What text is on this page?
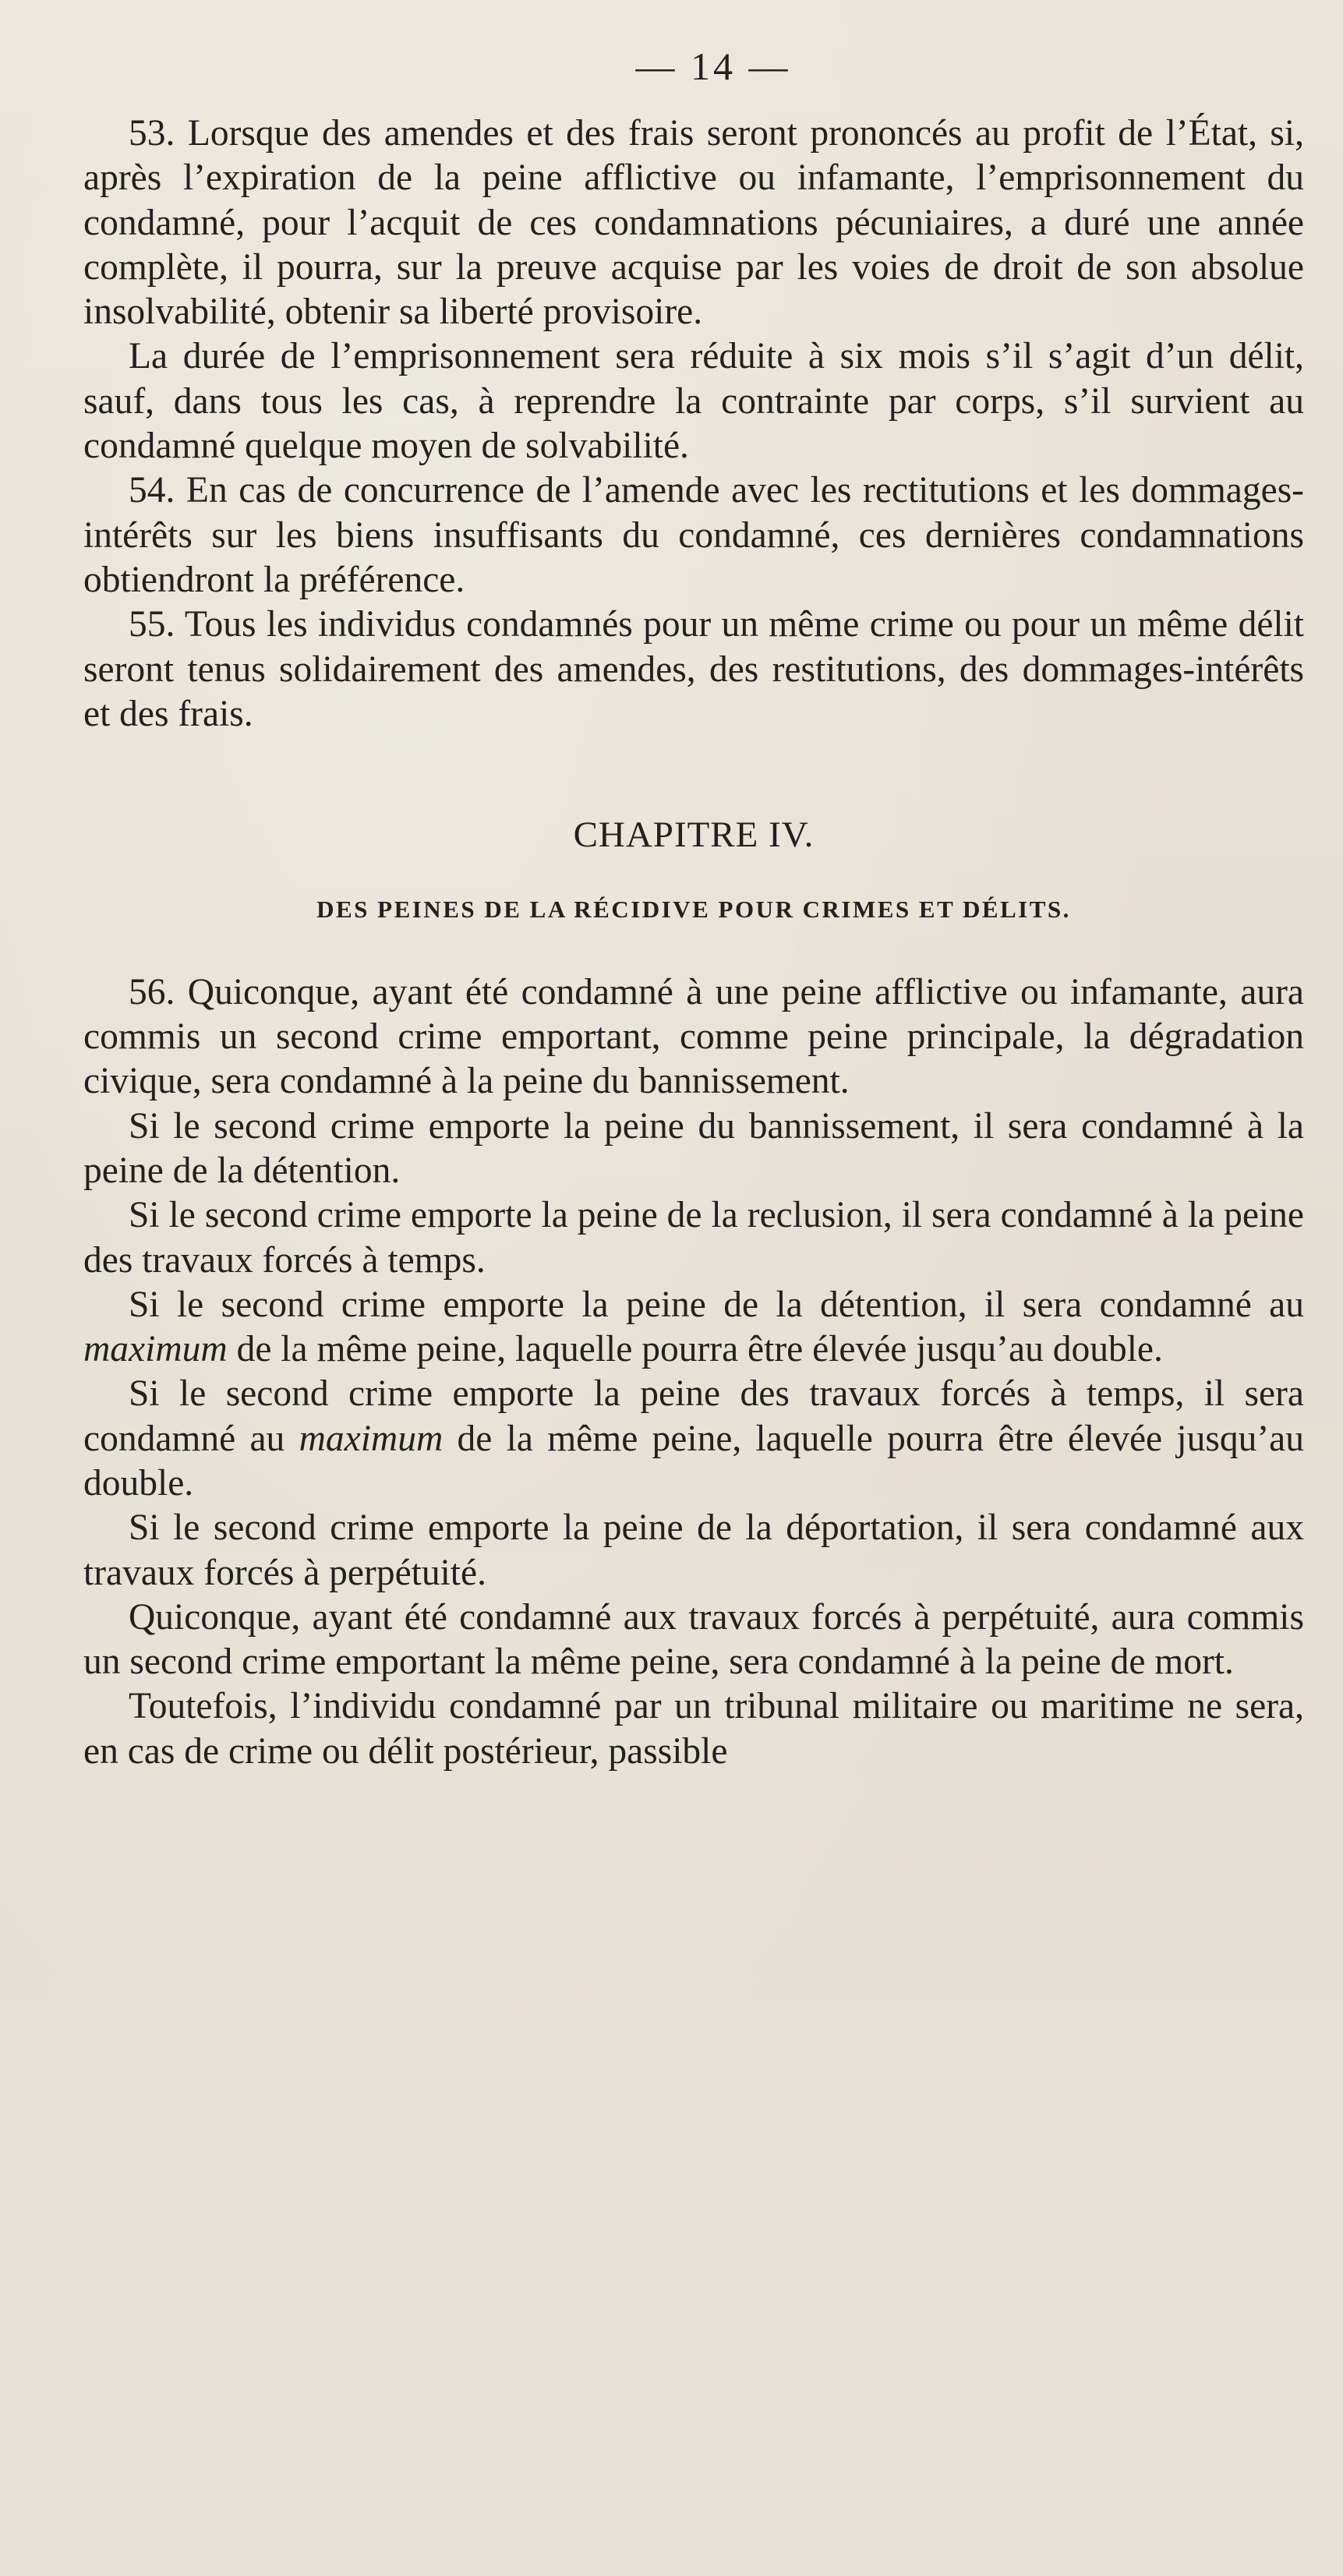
— 14 —

53. Lorsque des amendes et des frais seront prononcés au profit de l’État, si, après l’expiration de la peine afflictive ou infamante, l’emprisonnement du condamné, pour l’acquit de ces condamnations pécuniaires, a duré une année complète, il pourra, sur la preuve acquise par les voies de droit de son absolue insolvabilité, obtenir sa liberté provisoire.

La durée de l’emprisonnement sera réduite à six mois s’il s’agit d’un délit, sauf, dans tous les cas, à reprendre la contrainte par corps, s’il survient au condamné quelque moyen de solvabilité.

54. En cas de concurrence de l’amende avec les rectitutions et les dommages-intérêts sur les biens insuffisants du condamné, ces dernières condamnations obtiendront la préférence.

55. Tous les individus condamnés pour un même crime ou pour un même délit seront tenus solidairement des amendes, des restitutions, des dommages-intérêts et des frais.

CHAPITRE IV.
DES PEINES DE LA RÉCIDIVE POUR CRIMES ET DÉLITS.

56. Quiconque, ayant été condamné à une peine afflictive ou infamante, aura commis un second crime emportant, comme peine principale, la dégradation civique, sera condamné à la peine du bannissement.

Si le second crime emporte la peine du bannissement, il sera condamné à la peine de la détention.

Si le second crime emporte la peine de la reclusion, il sera condamné à la peine des travaux forcés à temps.

Si le second crime emporte la peine de la détention, il sera condamné au maximum de la même peine, laquelle pourra être élevée jusqu’au double.

Si le second crime emporte la peine des travaux forcés à temps, il sera condamné au maximum de la même peine, laquelle pourra être élevée jusqu’au double.

Si le second crime emporte la peine de la déportation, il sera condamné aux travaux forcés à perpétuité.

Quiconque, ayant été condamné aux travaux forcés à perpétuité, aura commis un second crime emportant la même peine, sera condamné à la peine de mort.

Toutefois, l’individu condamné par un tribunal militaire ou maritime ne sera, en cas de crime ou délit postérieur, passible
